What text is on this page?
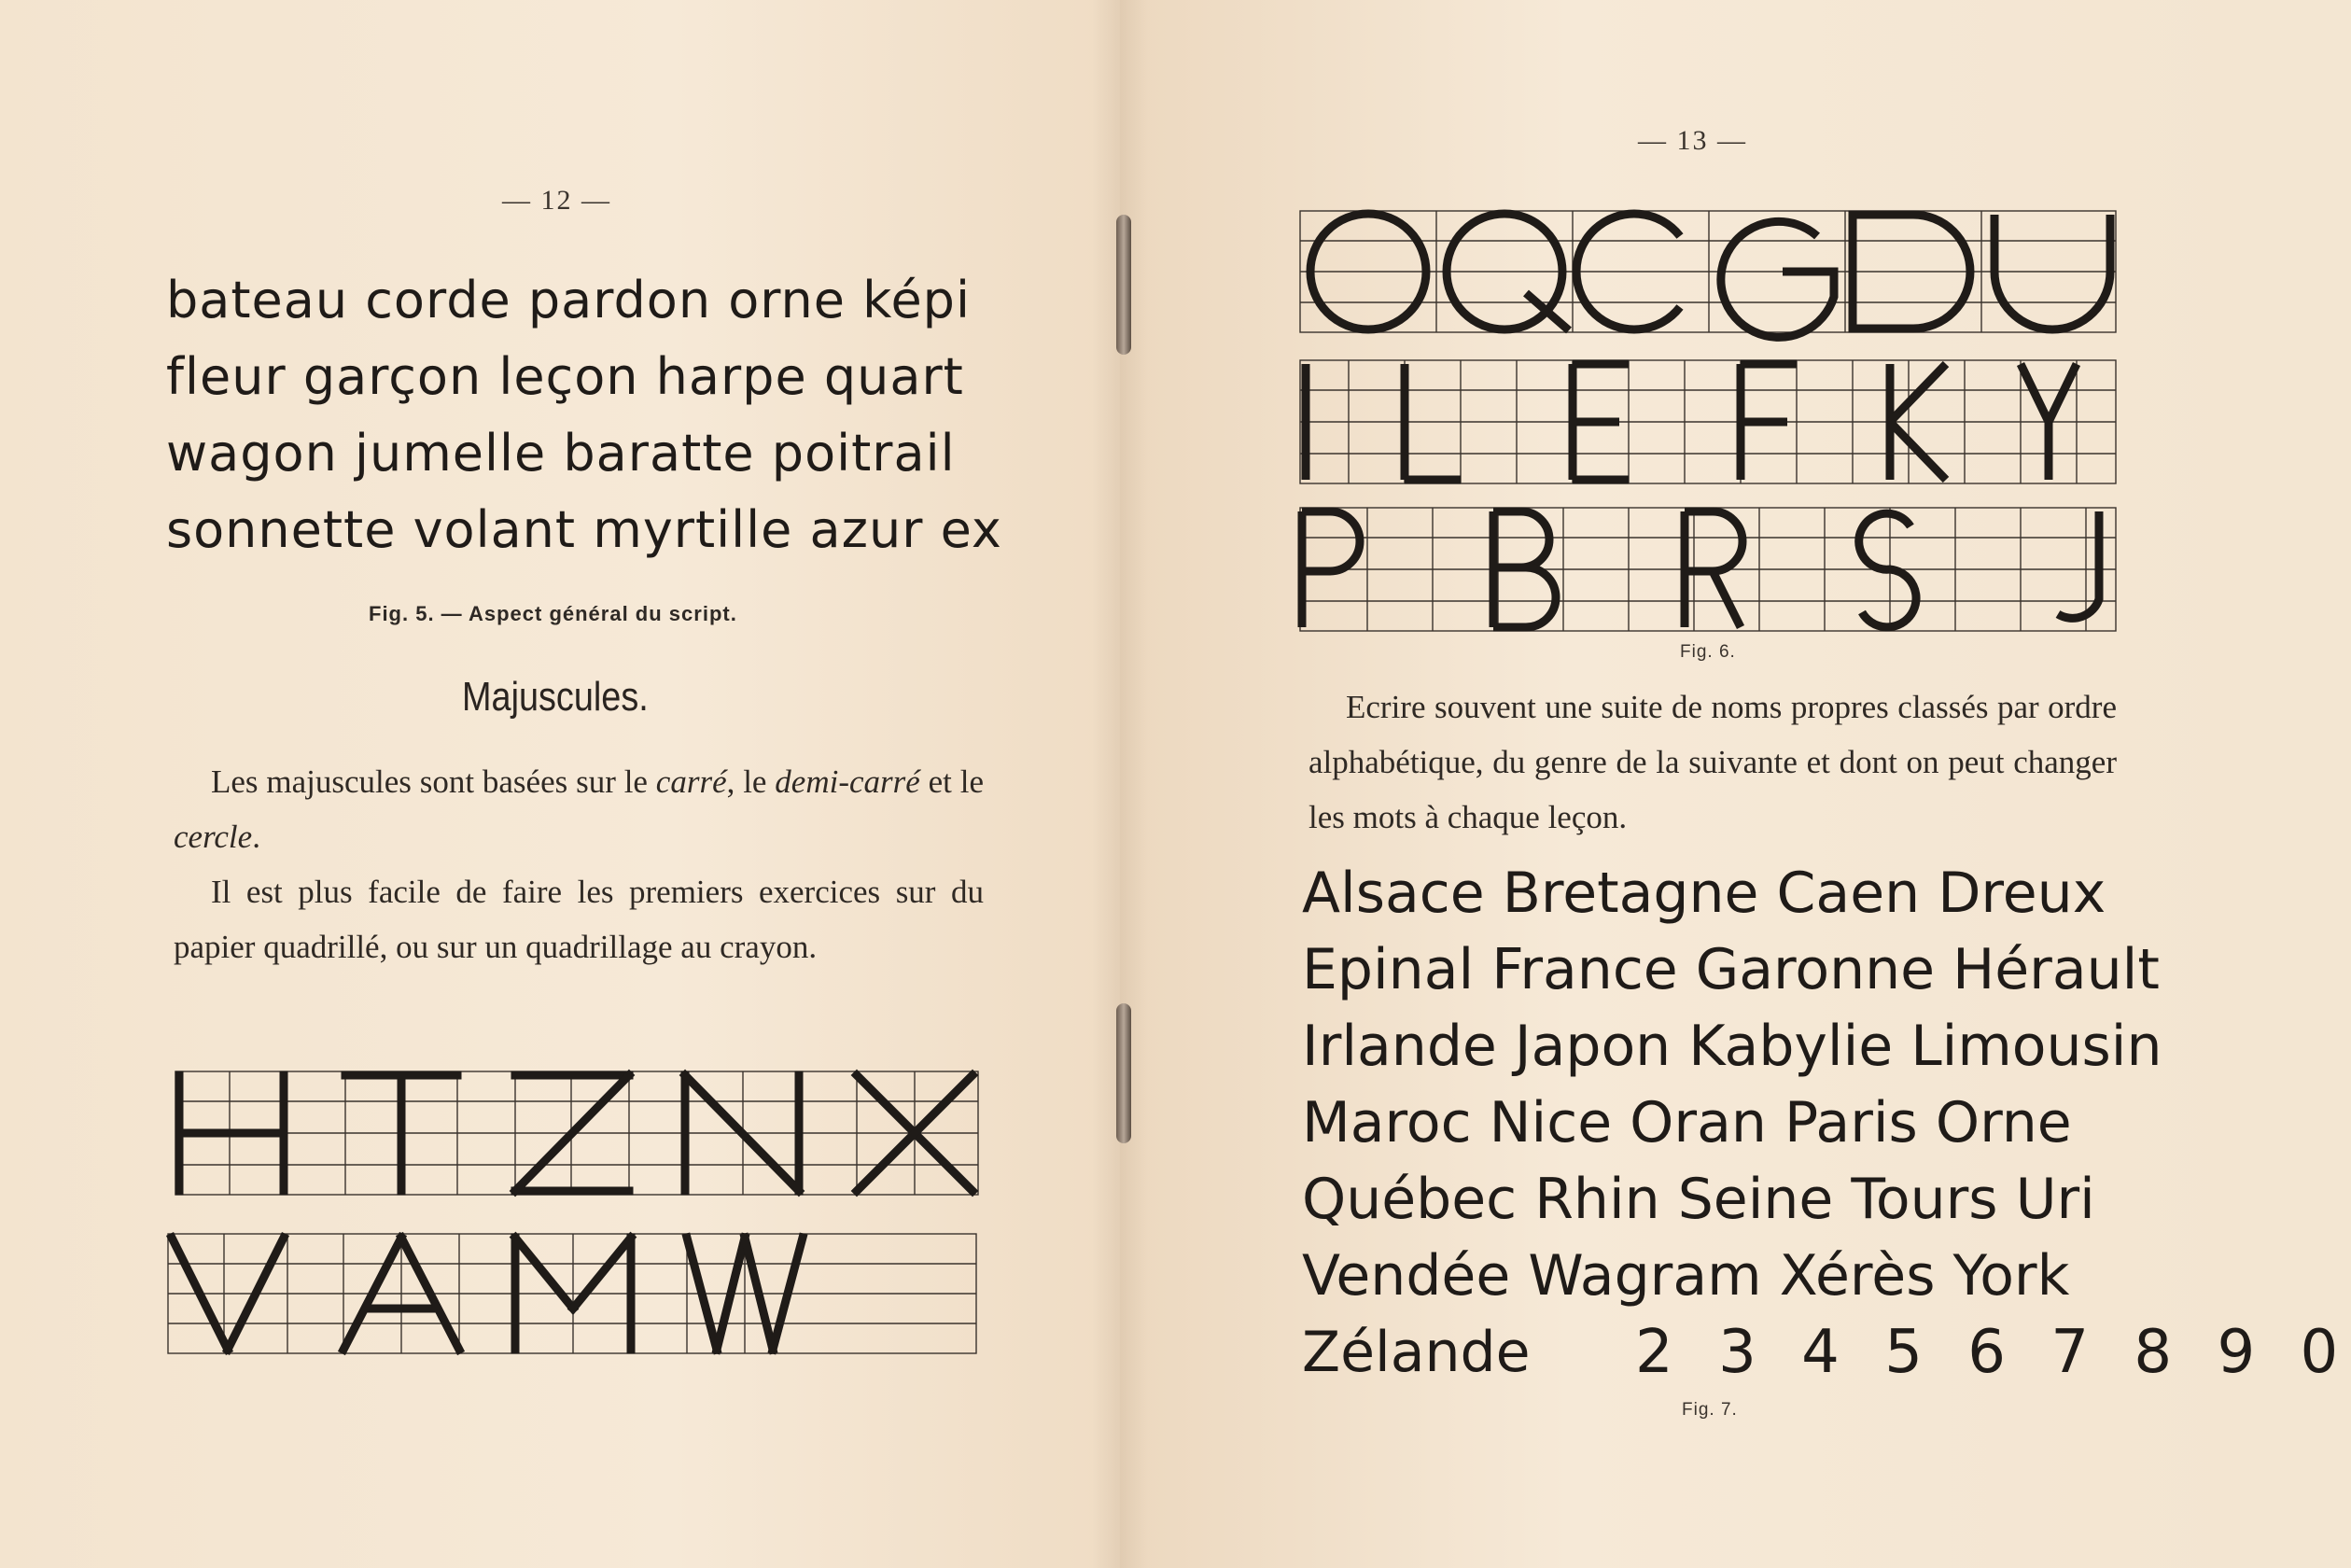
— 12 —
bateau corde pardon orne képi
fleur garçon leçon harpe quart
wagon jumelle baratte poitrail
sonnette volant myrtille azur ex
Fig. 5. — Aspect général du script.
Majuscules.
Les majuscules sont basées sur le carré, le demi-carré et le cercle.
Il est plus facile de faire les premiers exercices sur du papier quadrillé, ou sur un quadrillage au crayon.
— 13 —
Fig. 6.
Ecrire souvent une suite de noms propres classés par ordre alphabétique, du genre de la suivante et dont on peut changer les mots à chaque leçon.
Alsace Bretagne Caen Dreux
Epinal France Garonne Hérault
Irlande Japon Kabylie Limousin
Maroc Nice Oran Paris Orne
Québec Rhin Seine Tours Uri
Vendée Wagram Xérès York
Zélande 2 3 4 5 6 7 8 9 0
Fig. 7.
